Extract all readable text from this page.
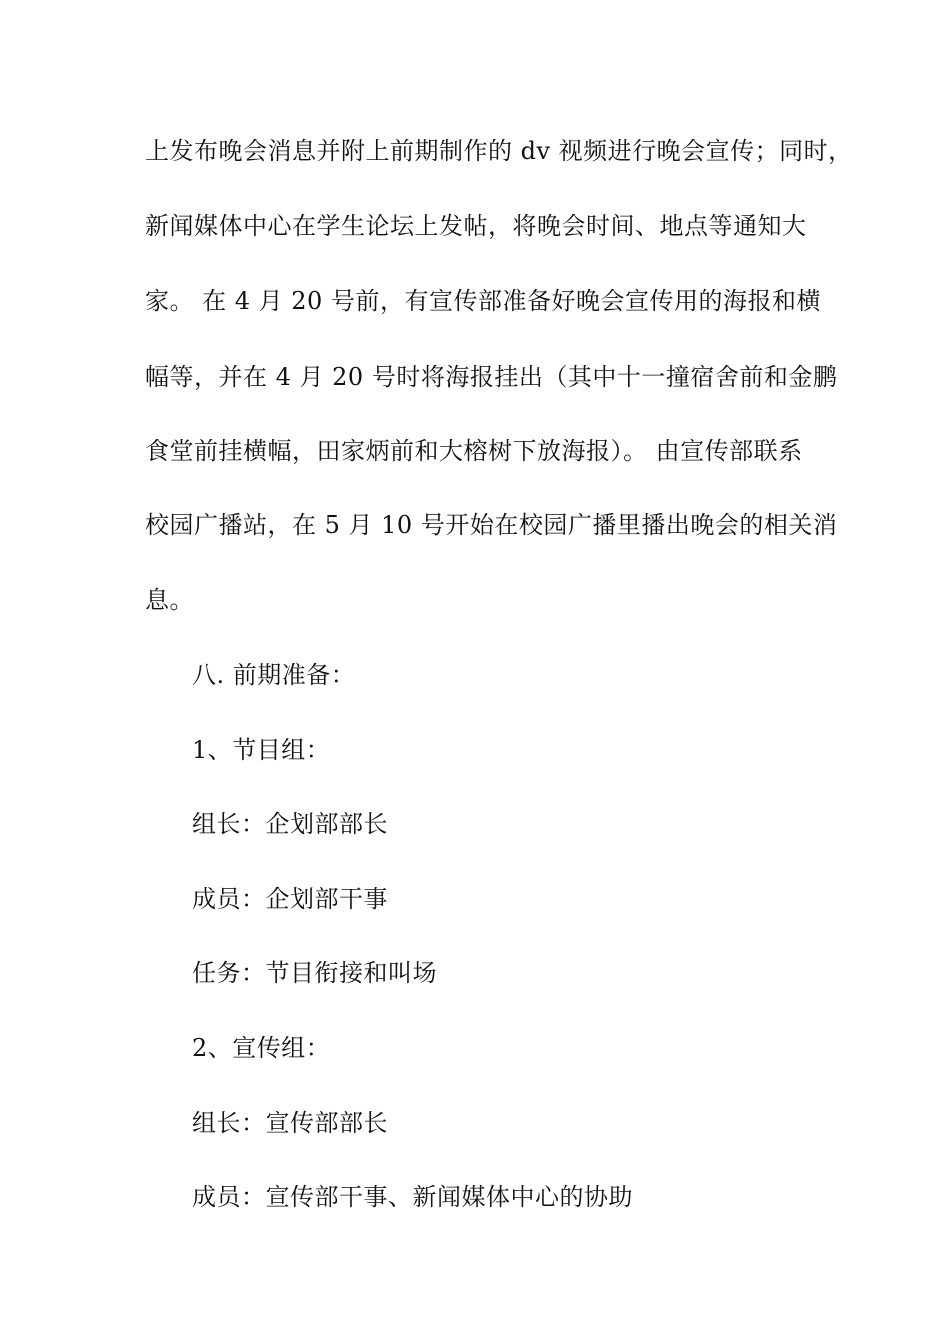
上发布晚会消息并附上前期制作的 dv 视频进行晚会宣传；同时，
新闻媒体中心在学生论坛上发帖，将晚会时间、地点等通知大
家。 在 4 月 20 号前，有宣传部准备好晚会宣传用的海报和横
幅等，并在 4 月 20 号时将海报挂出（其中十一撞宿舍前和金鹏
食堂前挂横幅，田家炳前和大榕树下放海报）。 由宣传部联系
校园广播站，在 5 月 10 号开始在校园广播里播出晚会的相关消
息。
八. 前期准备：
1、节目组：
组长：企划部部长
成员：企划部干事
任务：节目衔接和叫场
2、宣传组：
组长：宣传部部长
成员：宣传部干事、新闻媒体中心的协助
